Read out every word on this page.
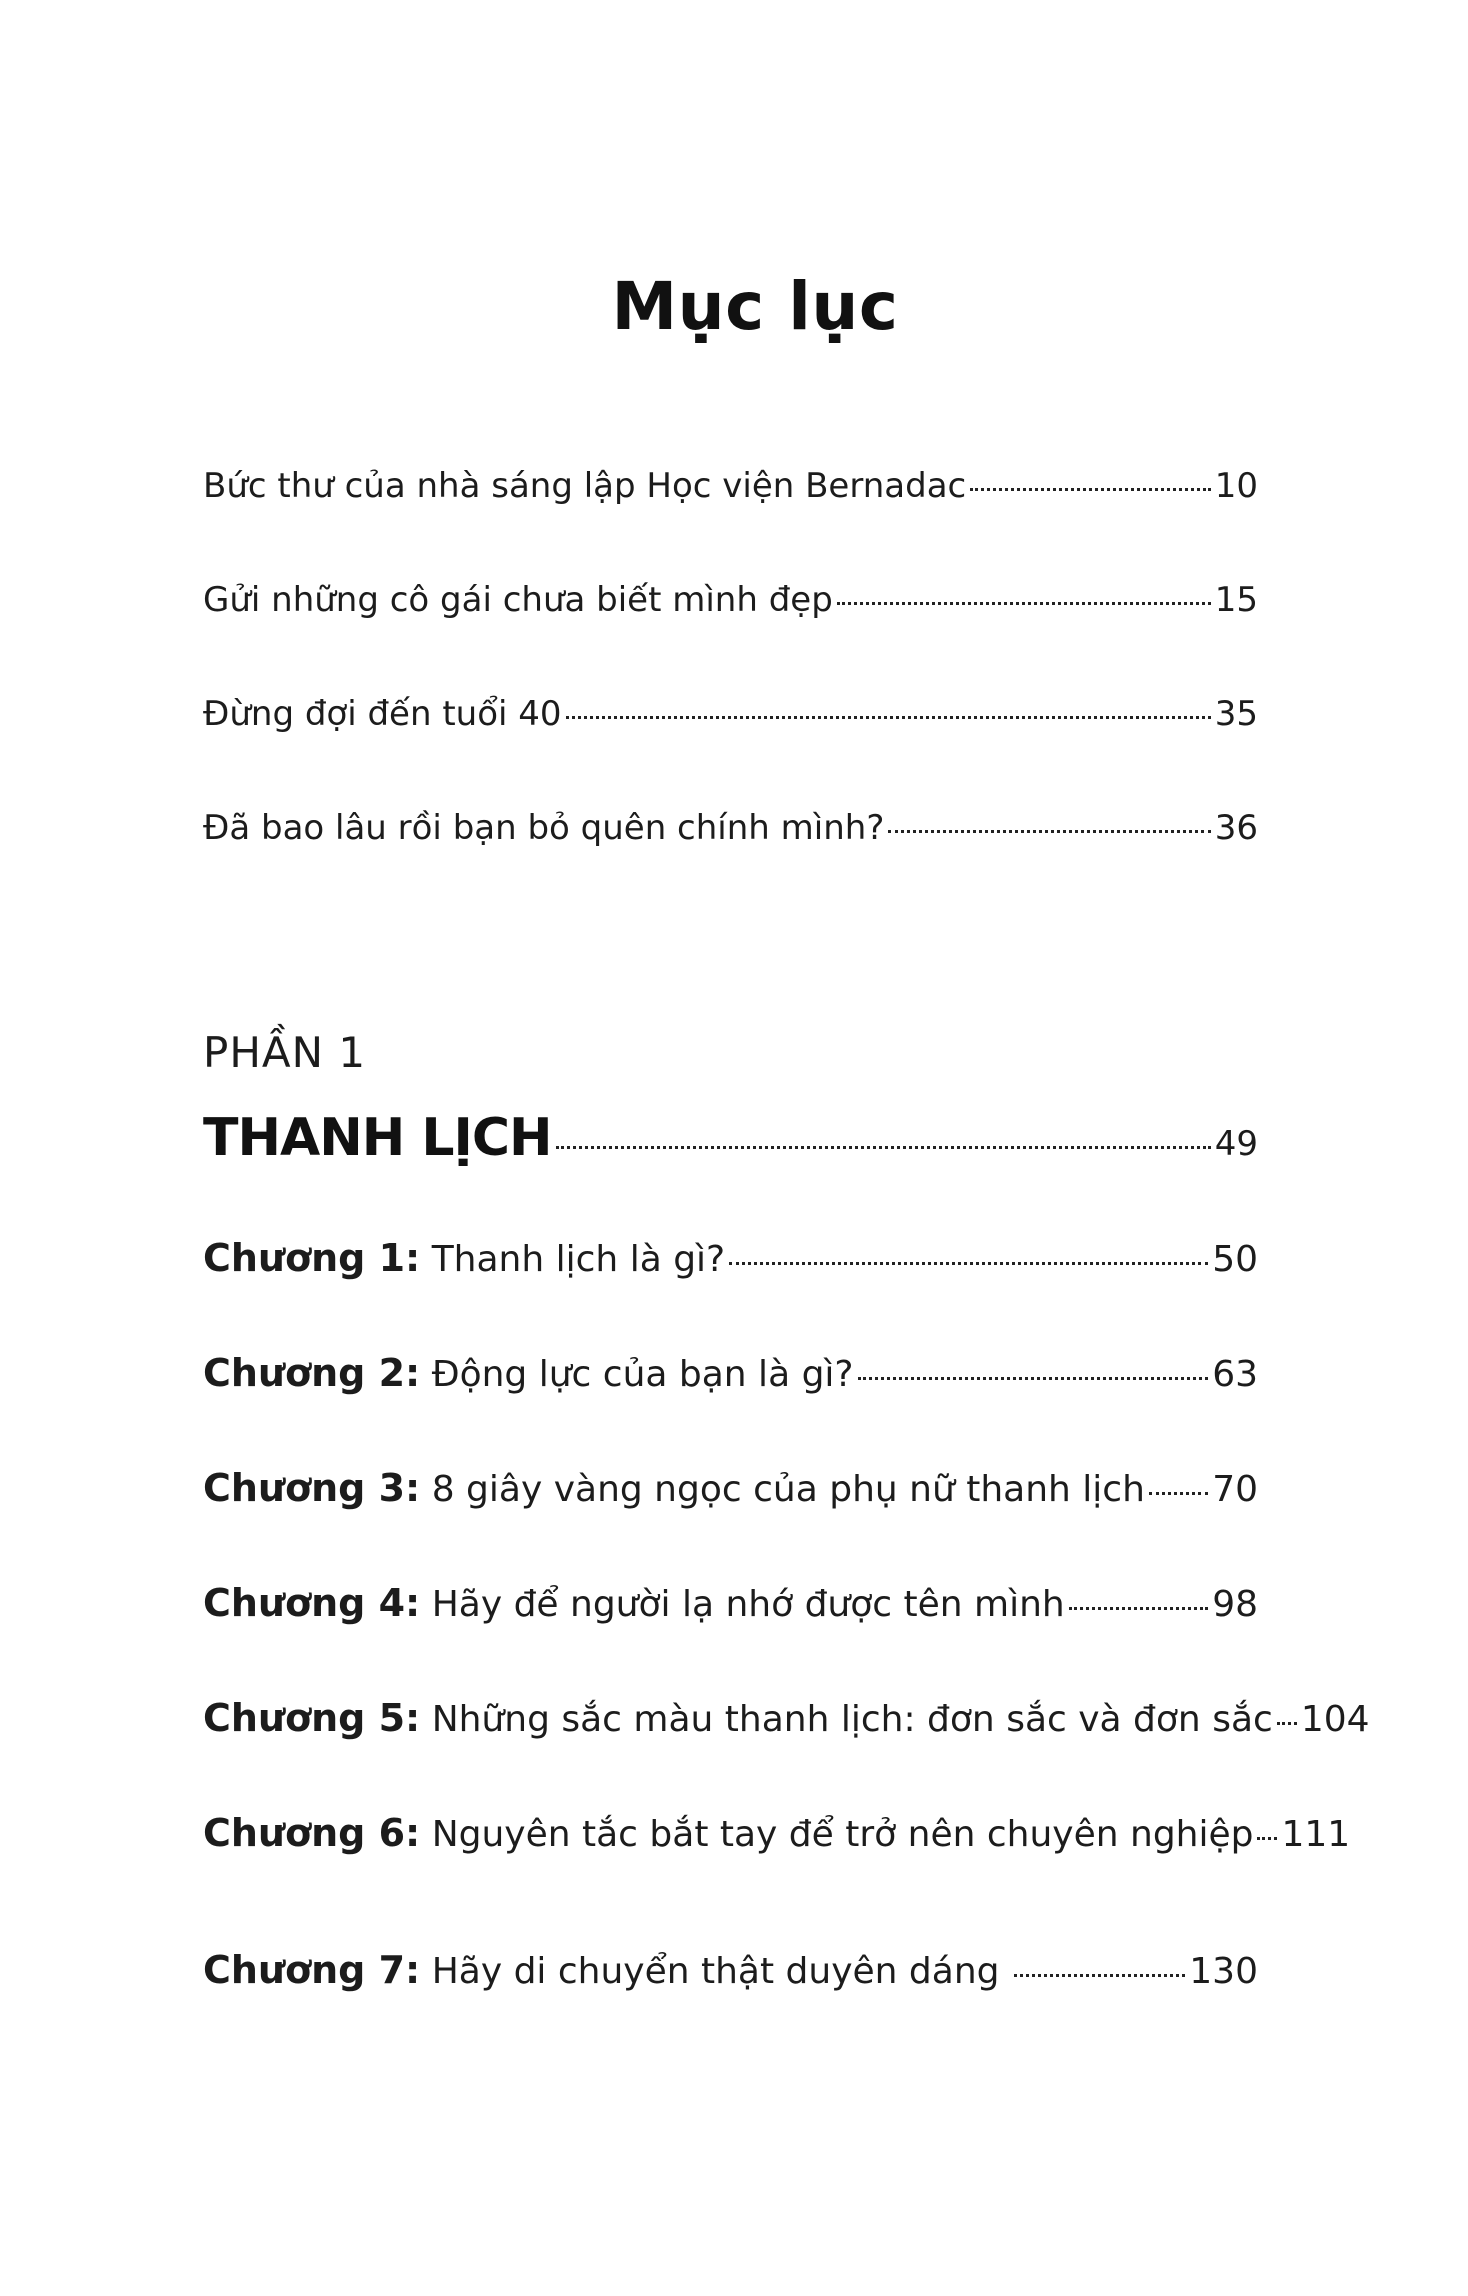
Mục lục
Bức thư của nhà sáng lập Học viện Bernadac	10
Gửi những cô gái chưa biết mình đẹp	15
Đừng đợi đến tuổi 40	35
Đã bao lâu rồi bạn bỏ quên chính mình?	36
PHẦN 1
THANH LỊCH	49
Chương 1: Thanh lịch là gì?	50
Chương 2: Động lực của bạn là gì?	63
Chương 3: 8 giây vàng ngọc của phụ nữ thanh lịch 70
Chương 4: Hãy để người lạ nhớ được tên mình	98
Chương 5: Những sắc màu thanh lịch: đơn sắc và đơn sắc 104
Chương 6: Nguyên tắc bắt tay để trở nên chuyên nghiệp 111
Chương 7: Hãy di chuyển thật duyên dáng	130
